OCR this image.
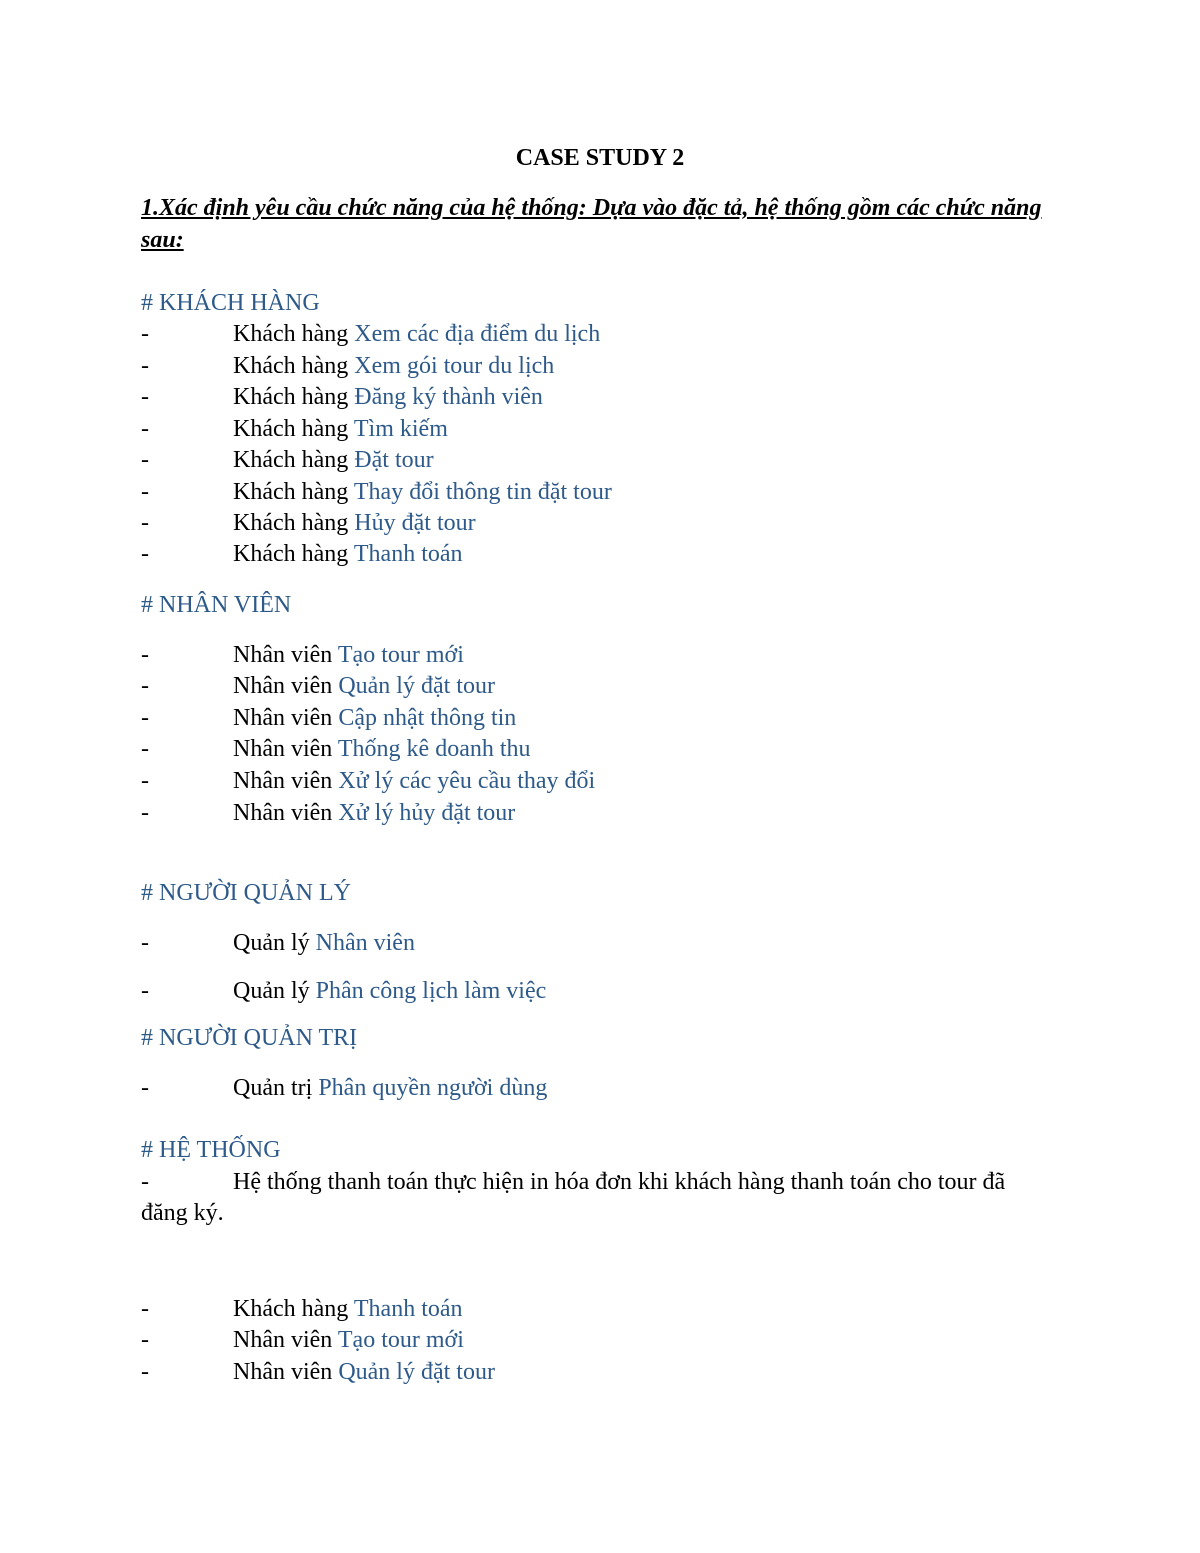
CASE STUDY 2
1.Xác định yêu cầu chức năng của hệ thống: Dựa vào đặc tả, hệ thống gồm các chức năng sau:
# KHÁCH HÀNG
-	Khách hàng Xem các địa điểm du lịch
-	Khách hàng Xem gói tour du lịch
-	Khách hàng Đăng ký thành viên
-	Khách hàng Tìm kiếm
-	Khách hàng Đặt tour
-	Khách hàng Thay đổi thông tin đặt tour
-	Khách hàng Hủy đặt tour
-	Khách hàng Thanh toán
# NHÂN VIÊN
-	Nhân viên Tạo tour mới
-	Nhân viên Quản lý đặt tour
-	Nhân viên Cập nhật thông tin
-	Nhân viên Thống kê doanh thu
-	Nhân viên Xử lý các yêu cầu thay đổi
-	Nhân viên Xử lý hủy đặt tour
# NGƯỜI QUẢN LÝ
-	Quản lý Nhân viên
-	Quản lý Phân công lịch làm việc
# NGƯỜI QUẢN TRỊ
-	Quản trị Phân quyền người dùng
# HỆ THỐNG
-	Hệ thống thanh toán thực hiện in hóa đơn khi khách hàng thanh toán cho tour đã đăng ký.
-	Khách hàng Thanh toán
-	Nhân viên Tạo tour mới
-	Nhân viên Quản lý đặt tour
